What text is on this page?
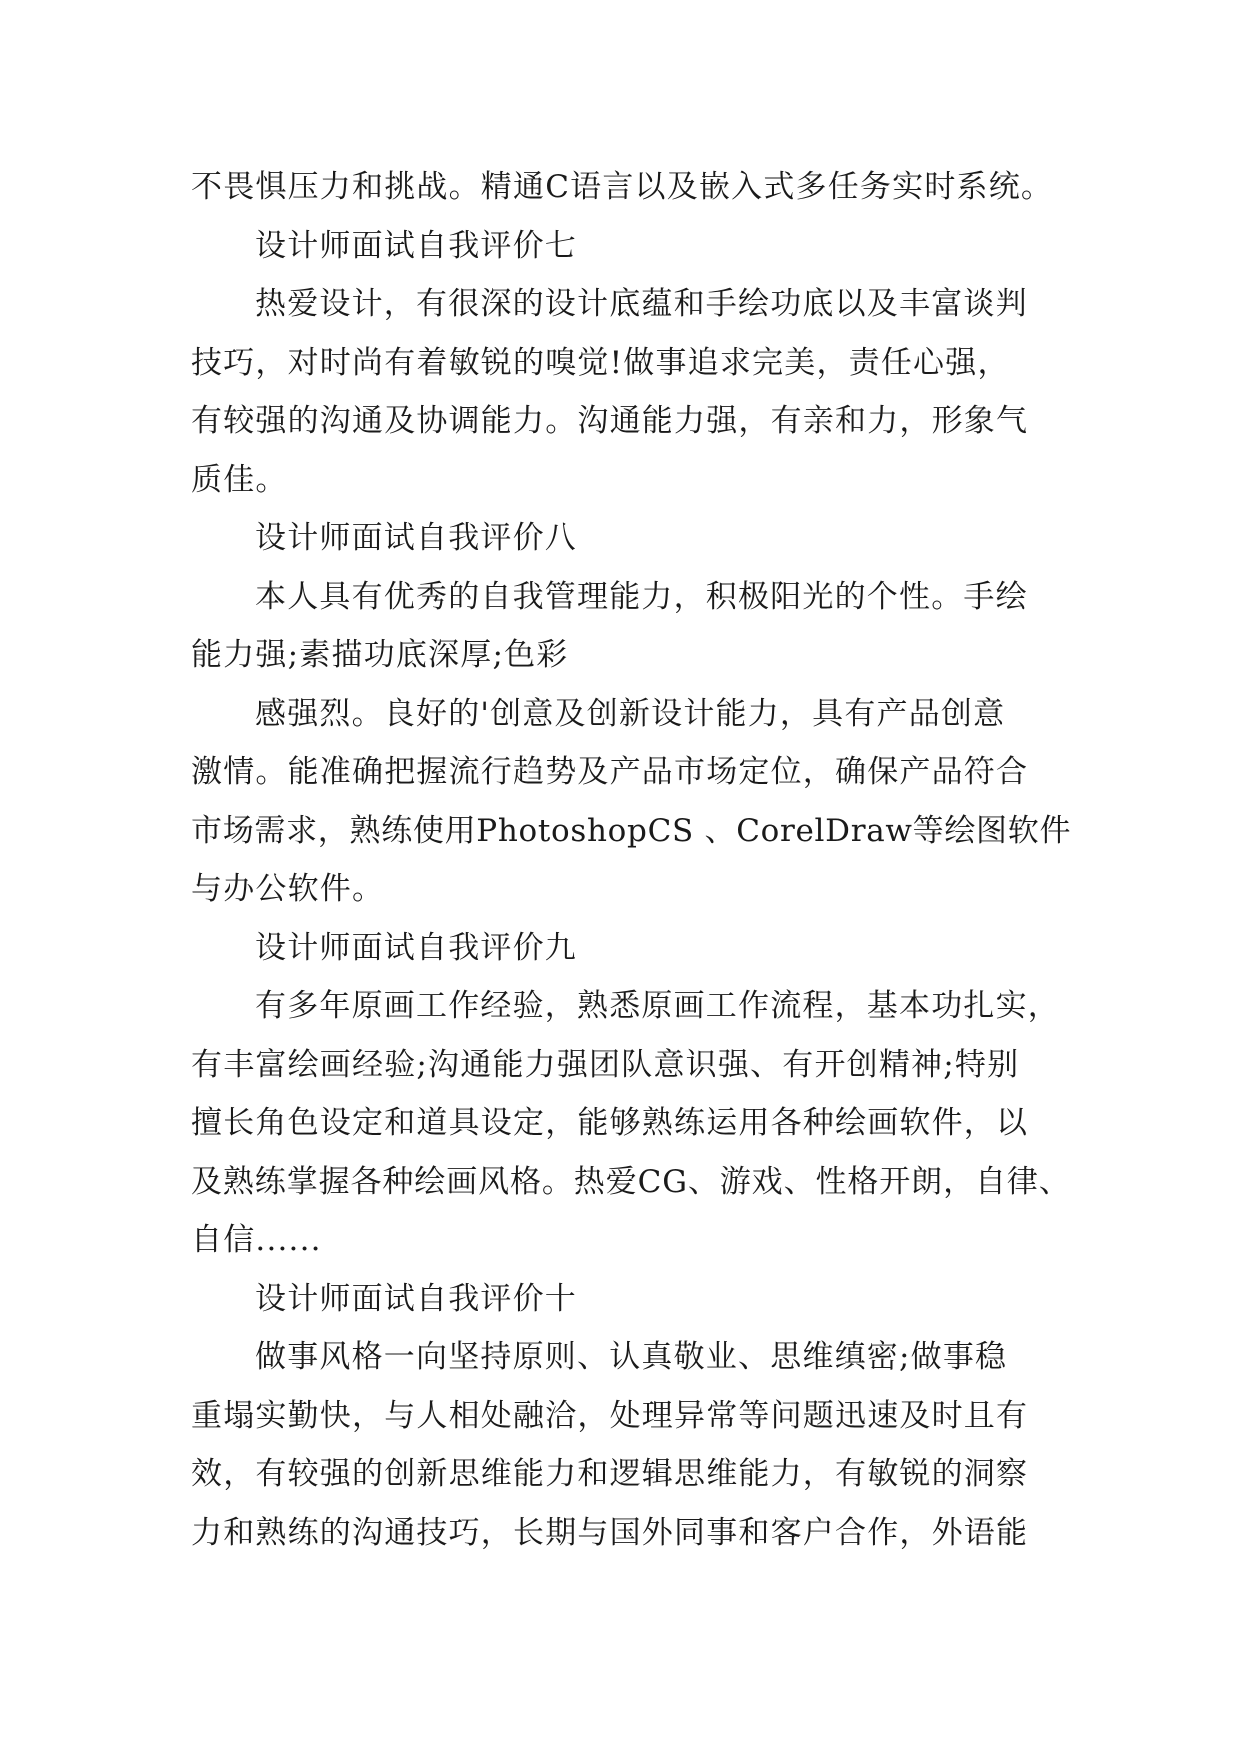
不畏惧压力和挑战。精通C语言以及嵌入式多任务实时系统。
设计师面试自我评价七
热爱设计，有很深的设计底蕴和手绘功底以及丰富谈判
技巧，对时尚有着敏锐的嗅觉!做事追求完美，责任心强，
有较强的沟通及协调能力。沟通能力强，有亲和力，形象气
质佳。
设计师面试自我评价八
本人具有优秀的自我管理能力，积极阳光的个性。手绘
能力强;素描功底深厚;色彩
感强烈。良好的'创意及创新设计能力，具有产品创意
激情。能准确把握流行趋势及产品市场定位，确保产品符合
市场需求，熟练使用PhotoshopCS 、CorelDraw等绘图软件
与办公软件。
设计师面试自我评价九
有多年原画工作经验，熟悉原画工作流程，基本功扎实，
有丰富绘画经验;沟通能力强团队意识强、有开创精神;特别
擅长角色设定和道具设定，能够熟练运用各种绘画软件，以
及熟练掌握各种绘画风格。热爱CG、游戏、性格开朗，自律、
自信......
设计师面试自我评价十
做事风格一向坚持原则、认真敬业、思维缜密;做事稳
重塌实勤快，与人相处融洽，处理异常等问题迅速及时且有
效，有较强的创新思维能力和逻辑思维能力，有敏锐的洞察
力和熟练的沟通技巧，长期与国外同事和客户合作，外语能
